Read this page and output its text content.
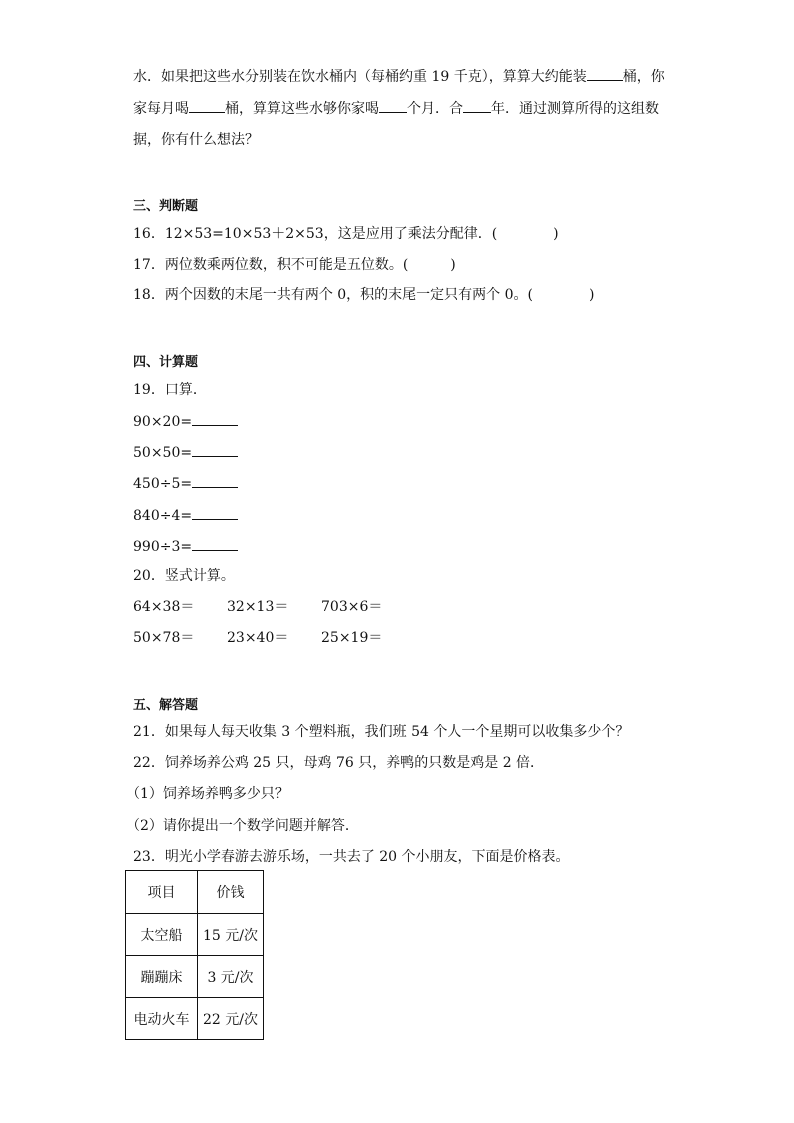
水．如果把这些水分别装在饮水桶内（每桶约重 19 千克），算算大约能装	桶，你
家每月喝	桶，算算这些水够你家喝 个月．合 年．通过测算所得的这组数
据，你有什么想法？
三、判断题
16．12×53=10×53＋2×53，这是应用了乘法分配律．(　　　　)
17．两位数乘两位数，积不可能是五位数。(　　　)
18．两个因数的末尾一共有两个 0，积的末尾一定只有两个 0。(　　　　)
四、计算题
19．口算．
90×20=
50×50=
450÷5=
840÷4=
990÷3=
20．竖式计算。
64×38＝ 32×13＝ 703×6＝
50×78＝ 23×40＝ 25×19＝
五、解答题
21．如果每人每天收集 3 个塑料瓶，我们班 54 个人一个星期可以收集多少个？
22．饲养场养公鸡 25 只，母鸡 76 只，养鸭的只数是鸡是 2 倍．
（1）饲养场养鸭多少只？
（2）请你提出一个数学问题并解答．
23．明光小学春游去游乐场，一共去了 20 个小朋友，下面是价格表。
项目	价钱
太空船	15 元/次
蹦蹦床	3 元/次
电动火车	22 元/次
